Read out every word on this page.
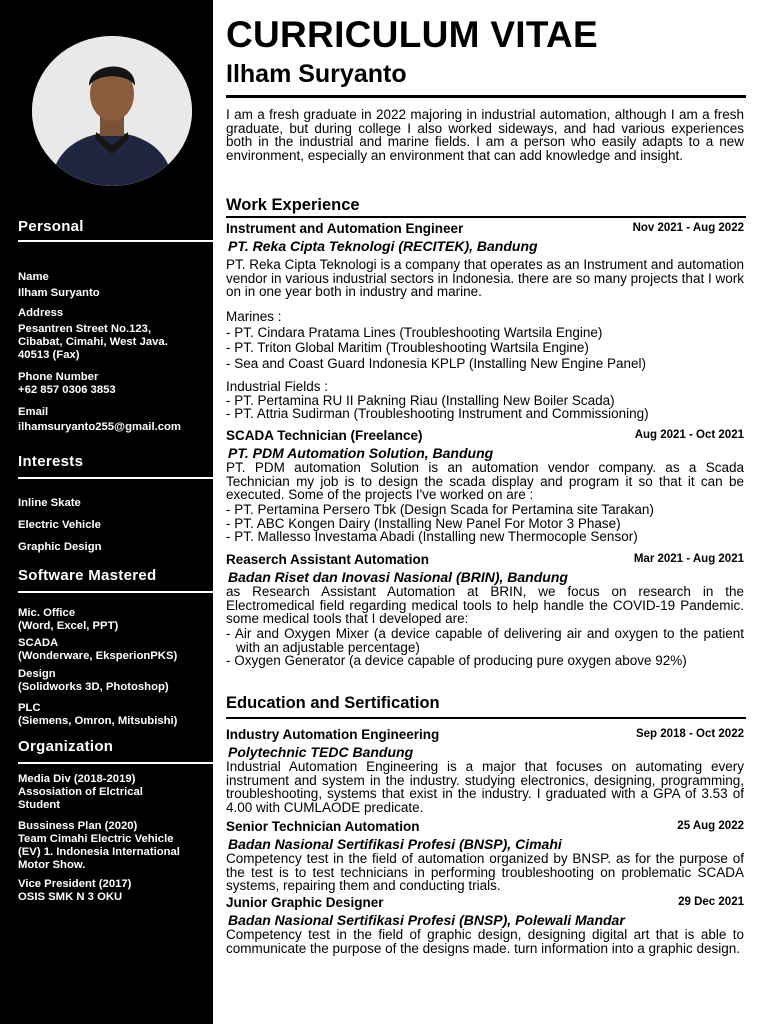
Personal
Name
Ilham Suryanto
Address
Pesantren Street No.123,
Cibabat, Cimahi, West Java.
40513 (Fax)
Phone Number
+62 857 0306 3853
Email
ilhamsuryanto255@gmail.com
Interests
Inline Skate
Electric Vehicle
Graphic Design
Software Mastered
Mic. Office
(Word, Excel, PPT)
SCADA
(Wonderware, EksperionPKS)
Design
(Solidworks 3D, Photoshop)
PLC
(Siemens, Omron, Mitsubishi)
Organization
Media Div (2018-2019)
Assosiation of Elctrical
Student
Bussiness Plan (2020)
Team Cimahi Electric Vehicle
(EV) 1. Indonesia International
Motor Show.
Vice President (2017)
OSIS SMK N 3 OKU
CURRICULUM VITAE
Ilham Suryanto
I am a fresh graduate in 2022 majoring in industrial automation, although I am a fresh graduate, but during college I also worked sideways, and had various experiences both in the industrial and marine fields. I am a person who easily adapts to a new environment, especially an environment that can add knowledge and insight.
Work Experience
Instrument and Automation Engineer	Nov 2021 - Aug 2022
PT. Reka Cipta Teknologi (RECITEK), Bandung
PT. Reka Cipta Teknologi is a company that operates as an Instrument and automation vendor in various industrial sectors in Indonesia. there are so many projects that I work on in one year both in industry and marine.
Marines :
- PT. Cindara Pratama Lines (Troubleshooting Wartsila Engine)
- PT. Triton Global Maritim (Troubleshooting Wartsila Engine)
- Sea and Coast Guard Indonesia KPLP (Installing New Engine Panel)
Industrial Fields :
- PT. Pertamina RU II Pakning Riau (Installing New Boiler Scada)
- PT. Attria Sudirman (Troubleshooting Instrument and Commissioning)
SCADA Technician (Freelance)	Aug 2021 - Oct 2021
PT. PDM Automation Solution, Bandung
PT. PDM automation Solution is an automation vendor company. as a Scada Technician my job is to design the scada display and program it so that it can be executed. Some of the projects I've worked on are :
- PT. Pertamina Persero Tbk (Design Scada for Pertamina site Tarakan)
- PT. ABC Kongen Dairy (Installing New Panel For Motor 3 Phase)
- PT. Mallesso Investama Abadi (Installing new Thermocople Sensor)
Reaserch Assistant Automation	Mar 2021 - Aug 2021
Badan Riset dan Inovasi Nasional (BRIN), Bandung
as Research Assistant Automation at BRIN, we focus on research in the Electromedical field regarding medical tools to help handle the COVID-19 Pandemic. some medical tools that I developed are:
- Air and Oxygen Mixer (a device capable of delivering air and oxygen to the patient with an adjustable percentage)
- Oxygen Generator (a device capable of producing pure oxygen above 92%)
Education and Sertification
Industry Automation Engineering	Sep 2018 - Oct 2022
Polytechnic TEDC Bandung
Industrial Automation Engineering is a major that focuses on automating every instrument and system in the industry. studying electronics, designing, programming, troubleshooting, systems that exist in the industry. I graduated with a GPA of 3.53 of 4.00 with CUMLAODE predicate.
Senior Technician Automation	25 Aug 2022
Badan Nasional Sertifikasi Profesi (BNSP), Cimahi
Competency test in the field of automation organized by BNSP. as for the purpose of the test is to test technicians in performing troubleshooting on problematic SCADA systems, repairing them and conducting trials.
Junior Graphic Designer	29 Dec 2021
Badan Nasional Sertifikasi Profesi (BNSP), Polewali Mandar
Competency test in the field of graphic design, designing digital art that is able to communicate the purpose of the designs made. turn information into a graphic design.
